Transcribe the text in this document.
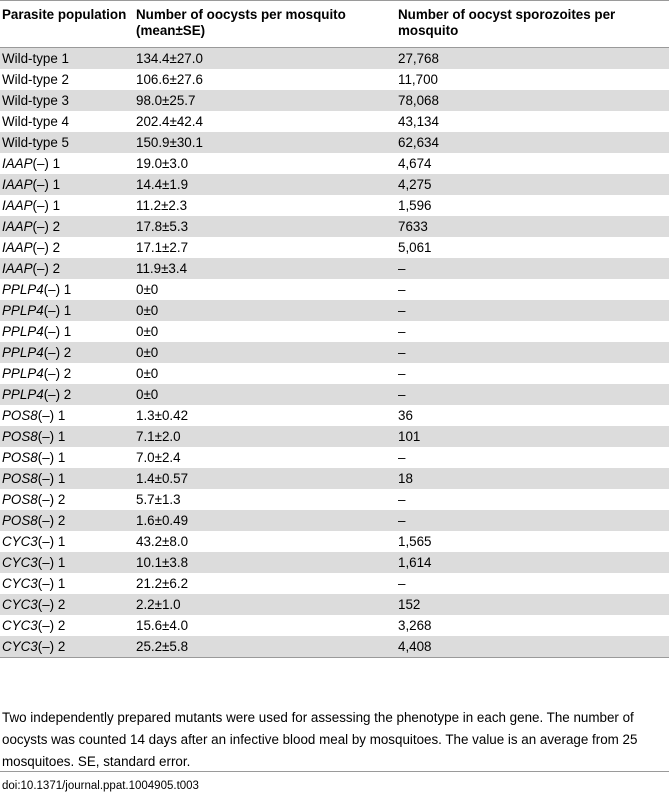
Parasite population	Number of oocysts per mosquito (mean±SE)	Number of oocyst sporozoites per mosquito
Wild-type 1	134.4±27.0	27,768
Wild-type 2	106.6±27.6	11,700
Wild-type 3	98.0±25.7	78,068
Wild-type 4	202.4±42.4	43,134
Wild-type 5	150.9±30.1	62,634
IAAP(–) 1	19.0±3.0	4,674
IAAP(–) 1	14.4±1.9	4,275
IAAP(–) 1	11.2±2.3	1,596
IAAP(–) 2	17.8±5.3	7633
IAAP(–) 2	17.1±2.7	5,061
IAAP(–) 2	11.9±3.4	–
PPLP4(–) 1	0±0	–
PPLP4(–) 1	0±0	–
PPLP4(–) 1	0±0	–
PPLP4(–) 2	0±0	–
PPLP4(–) 2	0±0	–
PPLP4(–) 2	0±0	–
POS8(–) 1	1.3±0.42	36
POS8(–) 1	7.1±2.0	101
POS8(–) 1	7.0±2.4	–
POS8(–) 1	1.4±0.57	18
POS8(–) 2	5.7±1.3	–
POS8(–) 2	1.6±0.49	–
CYC3(–) 1	43.2±8.0	1,565
CYC3(–) 1	10.1±3.8	1,614
CYC3(–) 1	21.2±6.2	–
CYC3(–) 2	2.2±1.0	152
CYC3(–) 2	15.6±4.0	3,268
CYC3(–) 2	25.2±5.8	4,408

Two independently prepared mutants were used for assessing the phenotype in each gene. The number of oocysts was counted 14 days after an infective blood meal by mosquitoes. The value is an average from 25 mosquitoes. SE, standard error.

doi:10.1371/journal.ppat.1004905.t003
